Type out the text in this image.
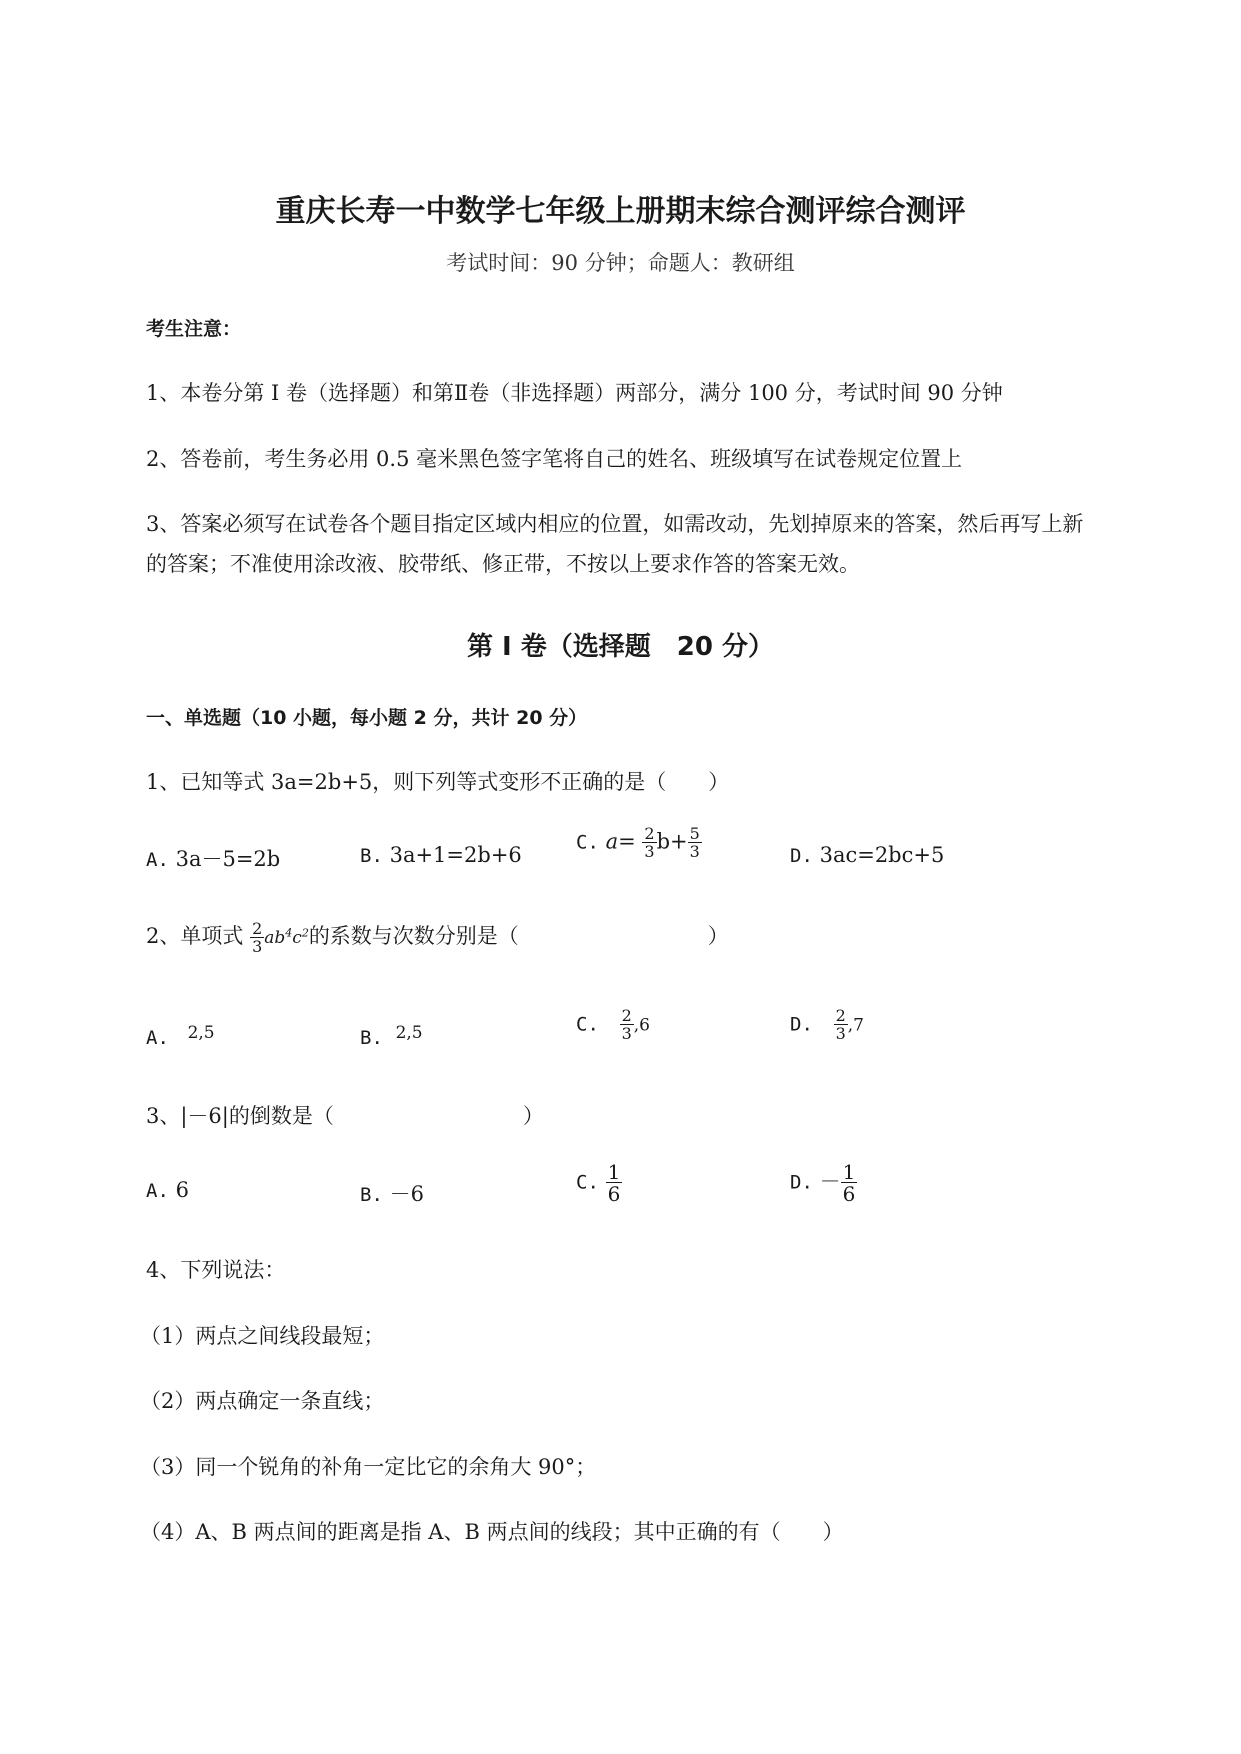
重庆长寿一中数学七年级上册期末综合测评综合测评
考试时间：90 分钟；命题人：教研组
考生注意：
1、本卷分第 I 卷（选择题）和第Ⅱ卷（非选择题）两部分，满分 100 分，考试时间 90 分钟
2、答卷前，考生务必用 0.5 毫米黑色签字笔将自己的姓名、班级填写在试卷规定位置上
3、答案必须写在试卷各个题目指定区域内相应的位置，如需改动，先划掉原来的答案，然后再写上新
的答案；不准使用涂改液、胶带纸、修正带，不按以上要求作答的答案无效。
第 I 卷（选择题　20 分）
一、单选题（10 小题，每小题 2 分，共计 20 分）
1、已知等式 3a=2b+5，则下列等式变形不正确的是（　　）
A. 3a－5=2b	B. 3a+1=2b+6
C. $a= \frac{2}{3} b+ \frac{5}{3}$	D. 3ac=2bc+5
2、单项式 $\frac{2}{3} ab^4c^2$的系数与次数分别是（　　　　　　　　　）
A. $^{2,5}$	B. $^{2,5}$	C. $\frac{2}{3} ,6$	D. $\frac{2}{3} ,7$
3、|－6|的倒数是（　　　　　　　　　）
A. 6	B. －6	C. $\frac{1}{6}$	D. － $\frac{1}{6}$
4、下列说法：
（1）两点之间线段最短；
（2）两点确定一条直线；
（3）同一个锐角的补角一定比它的余角大 90°；
（4）A、B 两点间的距离是指 A、B 两点间的线段；其中正确的有（　　）
